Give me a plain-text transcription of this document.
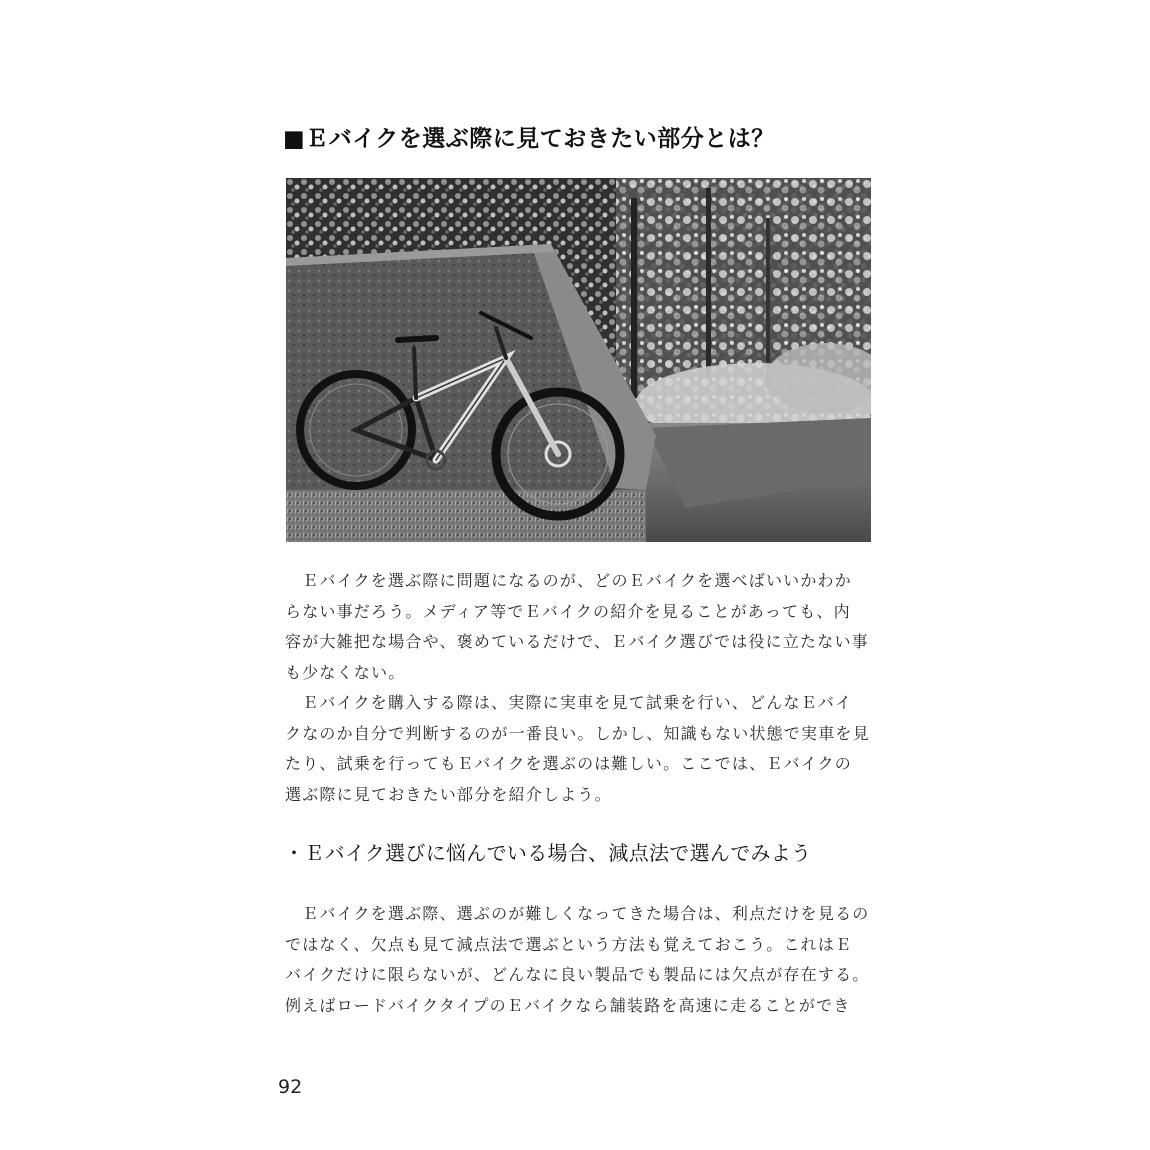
■Ｅバイクを選ぶ際に見ておきたい部分とは？
　Ｅバイクを選ぶ際に問題になるのが、どのＥバイクを選べばいいかわか
らない事だろう。メディア等でＥバイクの紹介を見ることがあっても、内
容が大雑把な場合や、褒めているだけで、Ｅバイク選びでは役に立たない事
も少なくない。
　Ｅバイクを購入する際は、実際に実車を見て試乗を行い、どんなＥバイ
クなのか自分で判断するのが一番良い。しかし、知識もない状態で実車を見
たり、試乗を行ってもＥバイクを選ぶのは難しい。ここでは、Ｅバイクの
選ぶ際に見ておきたい部分を紹介しよう。
・Ｅバイク選びに悩んでいる場合、減点法で選んでみよう
　Ｅバイクを選ぶ際、選ぶのが難しくなってきた場合は、利点だけを見るの
ではなく、欠点も見て減点法で選ぶという方法も覚えておこう。これはＥ
バイクだけに限らないが、どんなに良い製品でも製品には欠点が存在する。
例えばロードバイクタイプのＥバイクなら舗装路を高速に走ることができ
92
